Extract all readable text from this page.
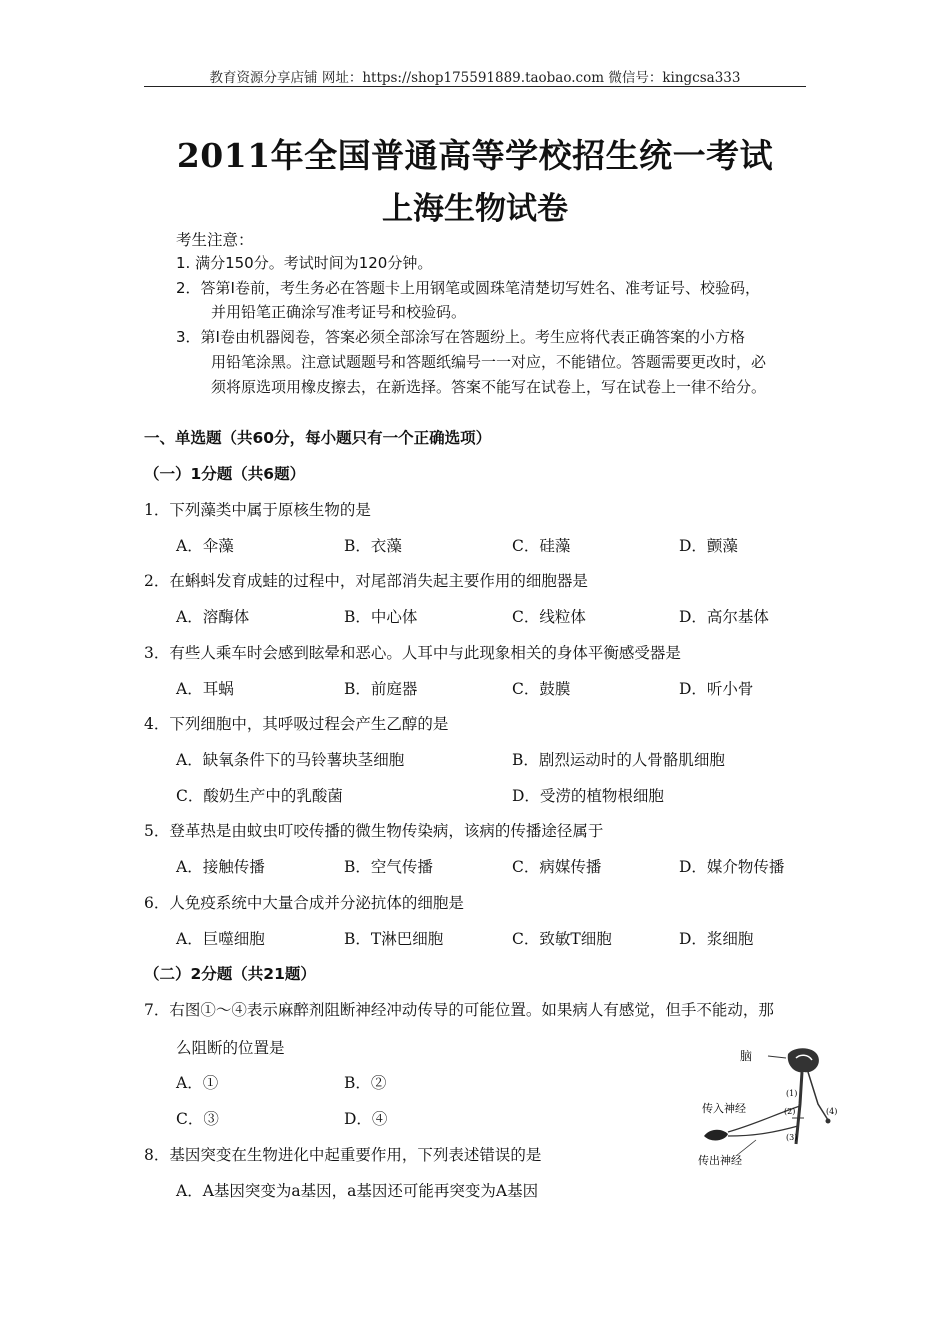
教育资源分享店铺 网址：https://shop175591889.taobao.com 微信号：kingcsa333
2011年全国普通高等学校招生统一考试
上海生物试卷
考生注意：
1. 满分150分。考试时间为120分钟。
2．答第Ⅰ卷前，考生务必在答题卡上用钢笔或圆珠笔清楚切写姓名、准考证号、校验码，
并用铅笔正确涂写准考证号和校验码。
3．第Ⅰ卷由机器阅卷，答案必须全部涂写在答题纷上。考生应将代表正确答案的小方格
用铅笔涂黑。注意试题题号和答题纸编号一一对应，不能错位。答题需要更改时，必
须将原选项用橡皮擦去，在新选择。答案不能写在试卷上，写在试卷上一律不给分。
一、单选题（共60分，每小题只有一个正确选项）
（一）1分题（共6题）
1．下列藻类中属于原核生物的是
A．伞藻	B．衣藻	C．硅藻	D．颤藻
2．在蝌蚪发育成蛙的过程中，对尾部消失起主要作用的细胞器是
A．溶酶体	B．中心体	C．线粒体	D．高尔基体
3．有些人乘车时会感到眩晕和恶心。人耳中与此现象相关的身体平衡感受器是
A．耳蜗	B．前庭器	C．鼓膜	D．听小骨
4．下列细胞中，其呼吸过程会产生乙醇的是
A．缺氧条件下的马铃薯块茎细胞	B．剧烈运动时的人骨骼肌细胞
C．酸奶生产中的乳酸菌	D．受涝的植物根细胞
5．登革热是由蚊虫叮咬传播的微生物传染病，该病的传播途径属于
A．接触传播	B．空气传播	C．病媒传播	D．媒介物传播
6．人免疫系统中大量合成并分泌抗体的细胞是
A．巨噬细胞	B．T淋巴细胞	C．致敏T细胞	D．浆细胞
（二）2分题（共21题）
7．右图①～④表示麻醉剂阻断神经冲动传导的可能位置。如果病人有感觉，但手不能动，那
么阻断的位置是
A．①	B．②
C．③	D．④
8．基因突变在生物进化中起重要作用，下列表述错误的是
A．A基因突变为a基因，a基因还可能再突变为A基因
脑
传入神经
传出神经
(1)
(2)
(3)
(4)
